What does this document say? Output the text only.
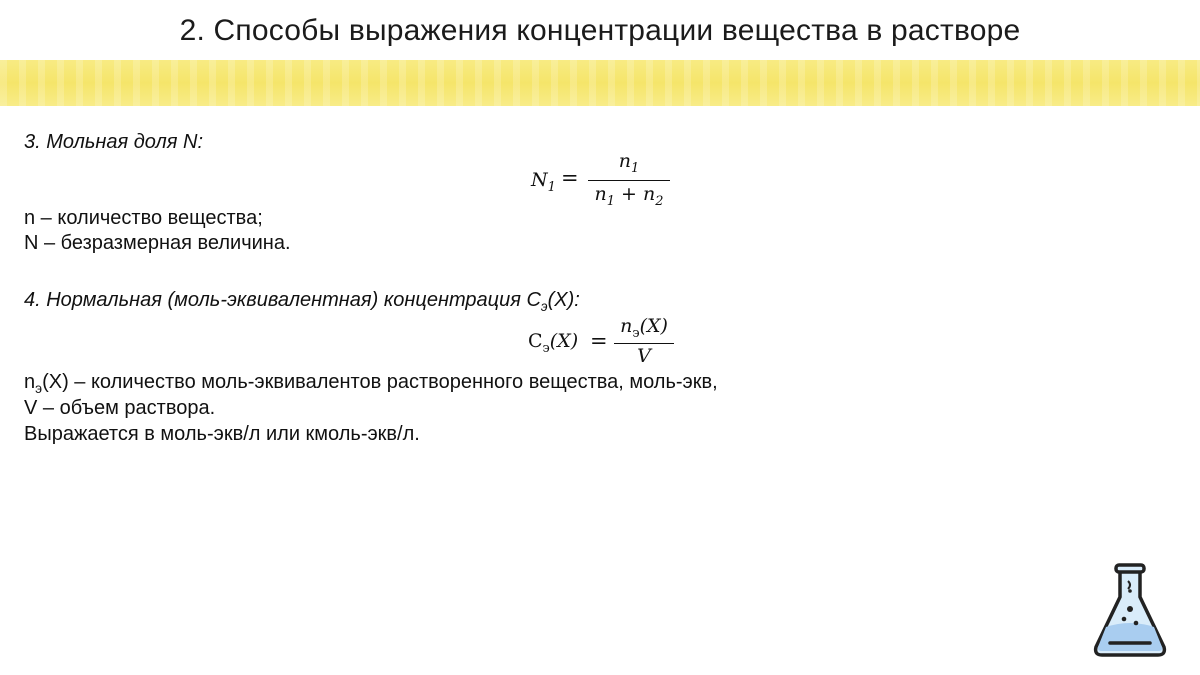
2. Способы выражения концентрации вещества в растворе
3. Мольная доля N:
$N_1$ =
$n_1$
$n_1 + n_2$
n – количество вещества;
N – безразмерная величина.
4. Нормальная (моль-эквивалентная) концентрация $C_э(X)$:
$C_э(X)$ =
$n_э(X)$
V
$n_э(X)$ – количество моль-эквивалентов растворенного вещества, моль-экв,
V – объем раствора.
Выражается в моль-экв/л или кмоль-экв/л.
